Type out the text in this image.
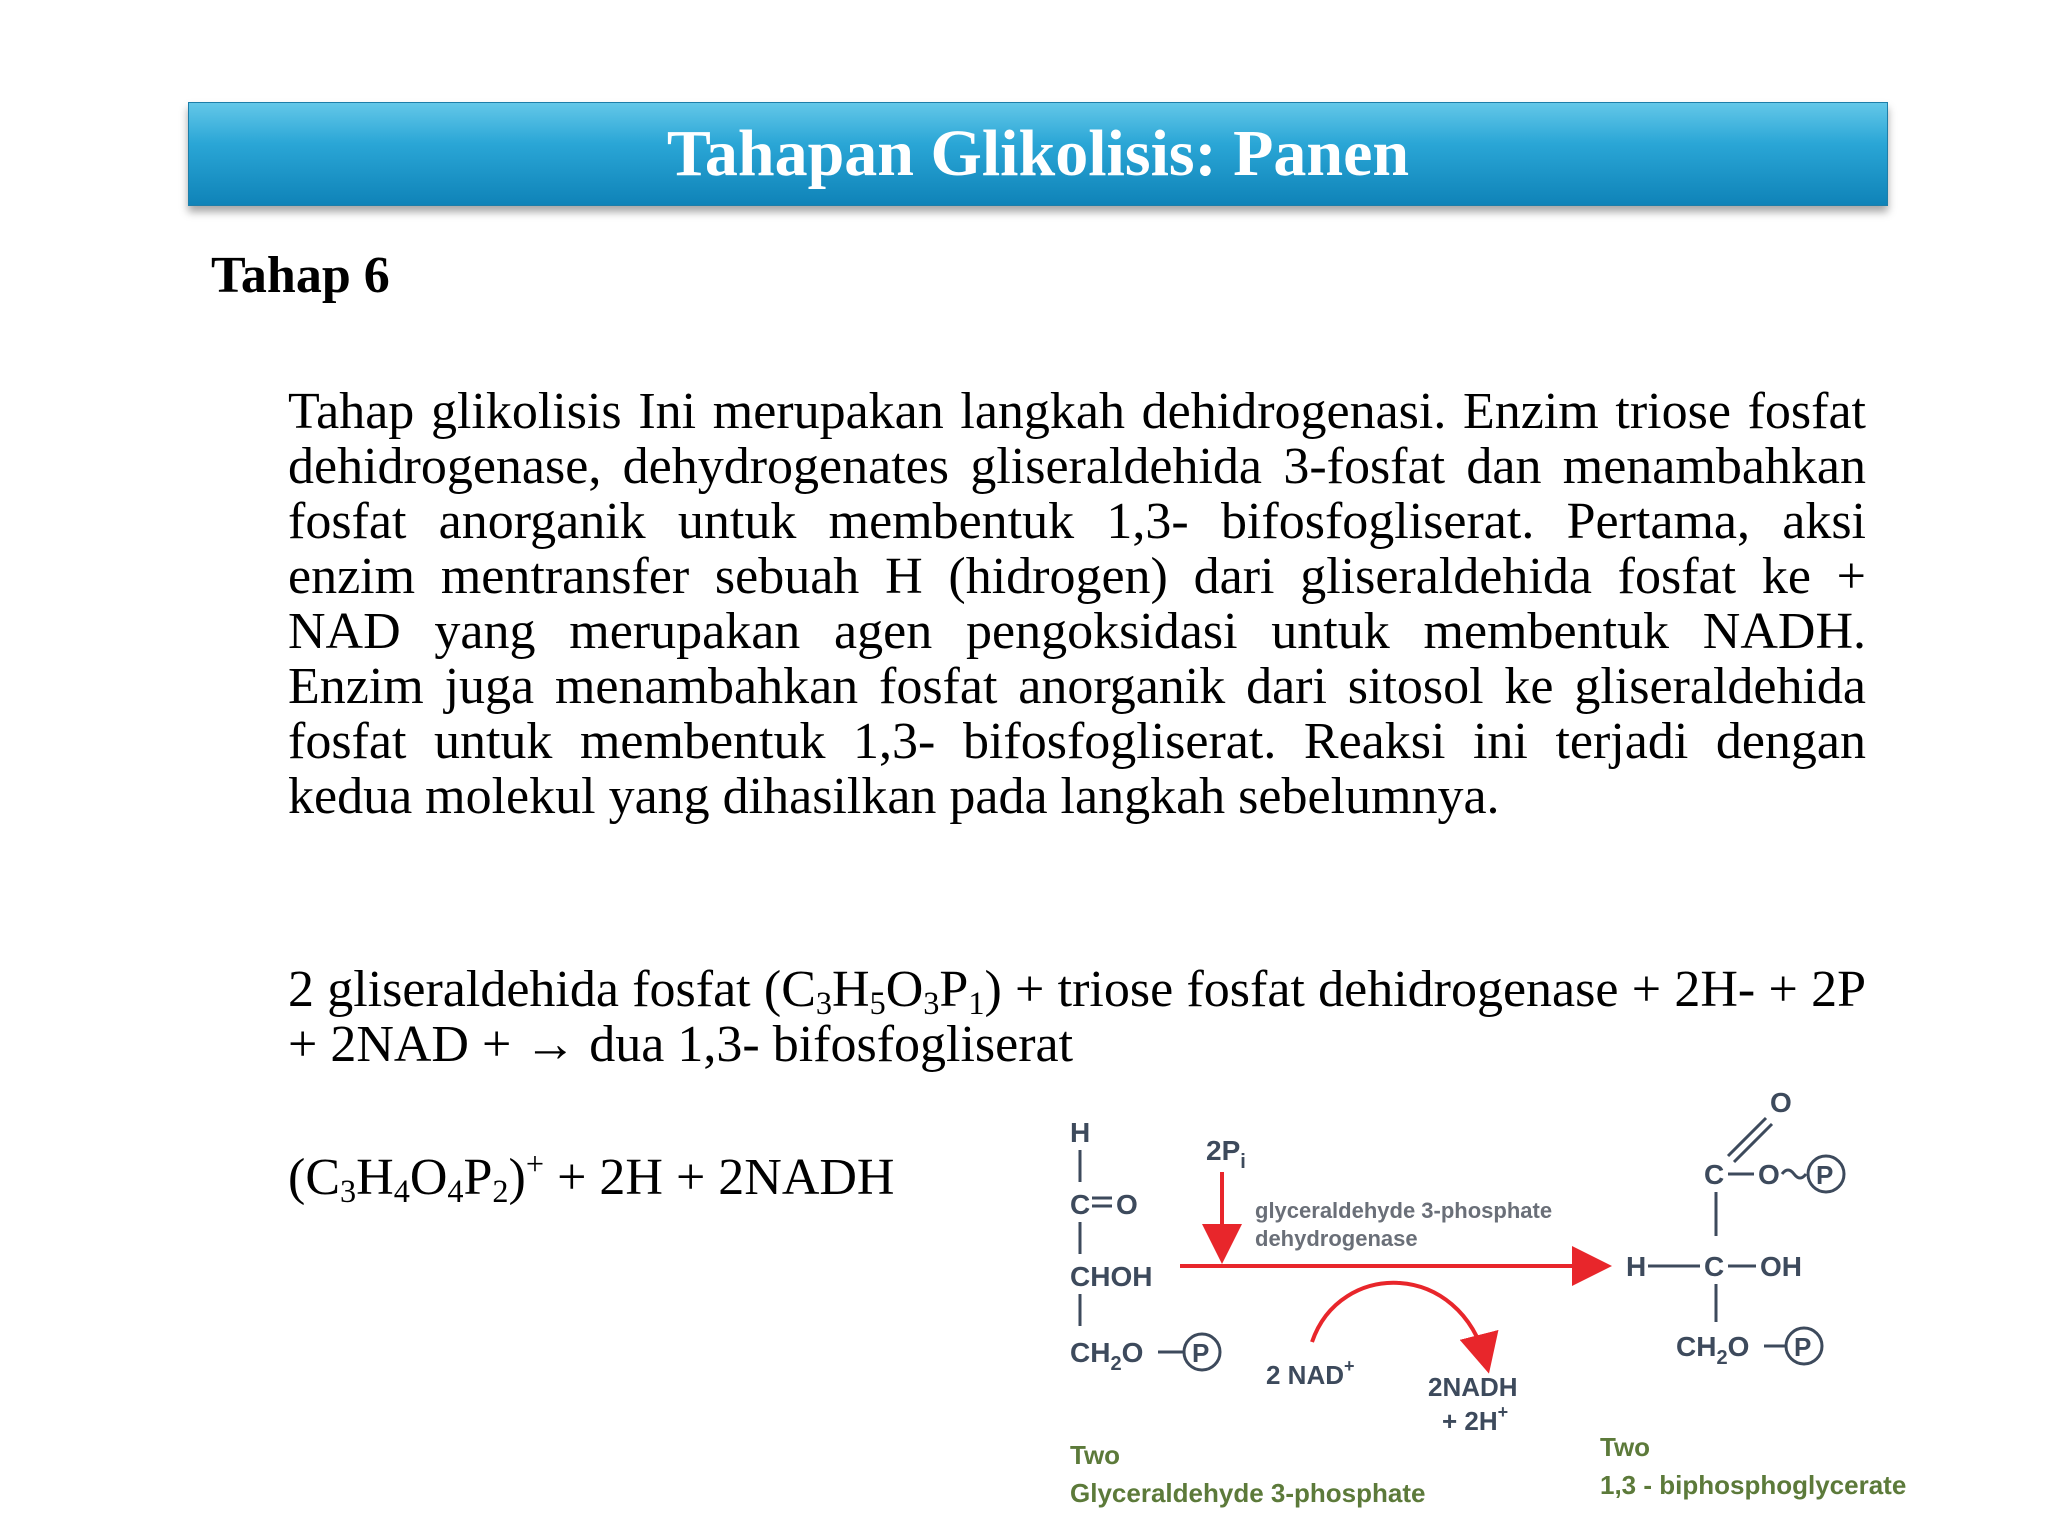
Tahapan Glikolisis: Panen
Tahap 6

Tahap glikolisis Ini merupakan langkah dehidrogenasi. Enzim triose fosfat dehidrogenase, dehydrogenates gliseraldehida 3-fosfat dan menambahkan fosfat anorganik untuk membentuk 1,3- bifosfogliserat. Pertama, aksi enzim mentransfer sebuah H (hidrogen) dari gliseraldehida fosfat ke + NAD yang merupakan agen pengoksidasi untuk membentuk NADH. Enzim juga menambahkan fosfat anorganik dari sitosol ke gliseraldehida fosfat untuk membentuk 1,3- bifosfogliserat. Reaksi ini terjadi dengan kedua molekul yang dihasilkan pada langkah sebelumnya.

2 gliseraldehida fosfat $(C_3H_5O_3P_1)$ + triose fosfat dehidrogenase + 2H- + 2P + 2NAD + → dua 1,3- bifosfogliserat

$(C_3H_4O_4P_2)^+ + 2H$ + 2NADH

H
C O
CHOH
$CH_2O$ P
$2P_i$
glyceraldehyde 3-phosphate
dehydrogenase
2 NAD+
2NADH
+ 2H+
O
C O P
H C OH
$CH_2O$ P
Two
Glyceraldehyde 3-phosphate
Two
1,3 - biphosphoglycerate
